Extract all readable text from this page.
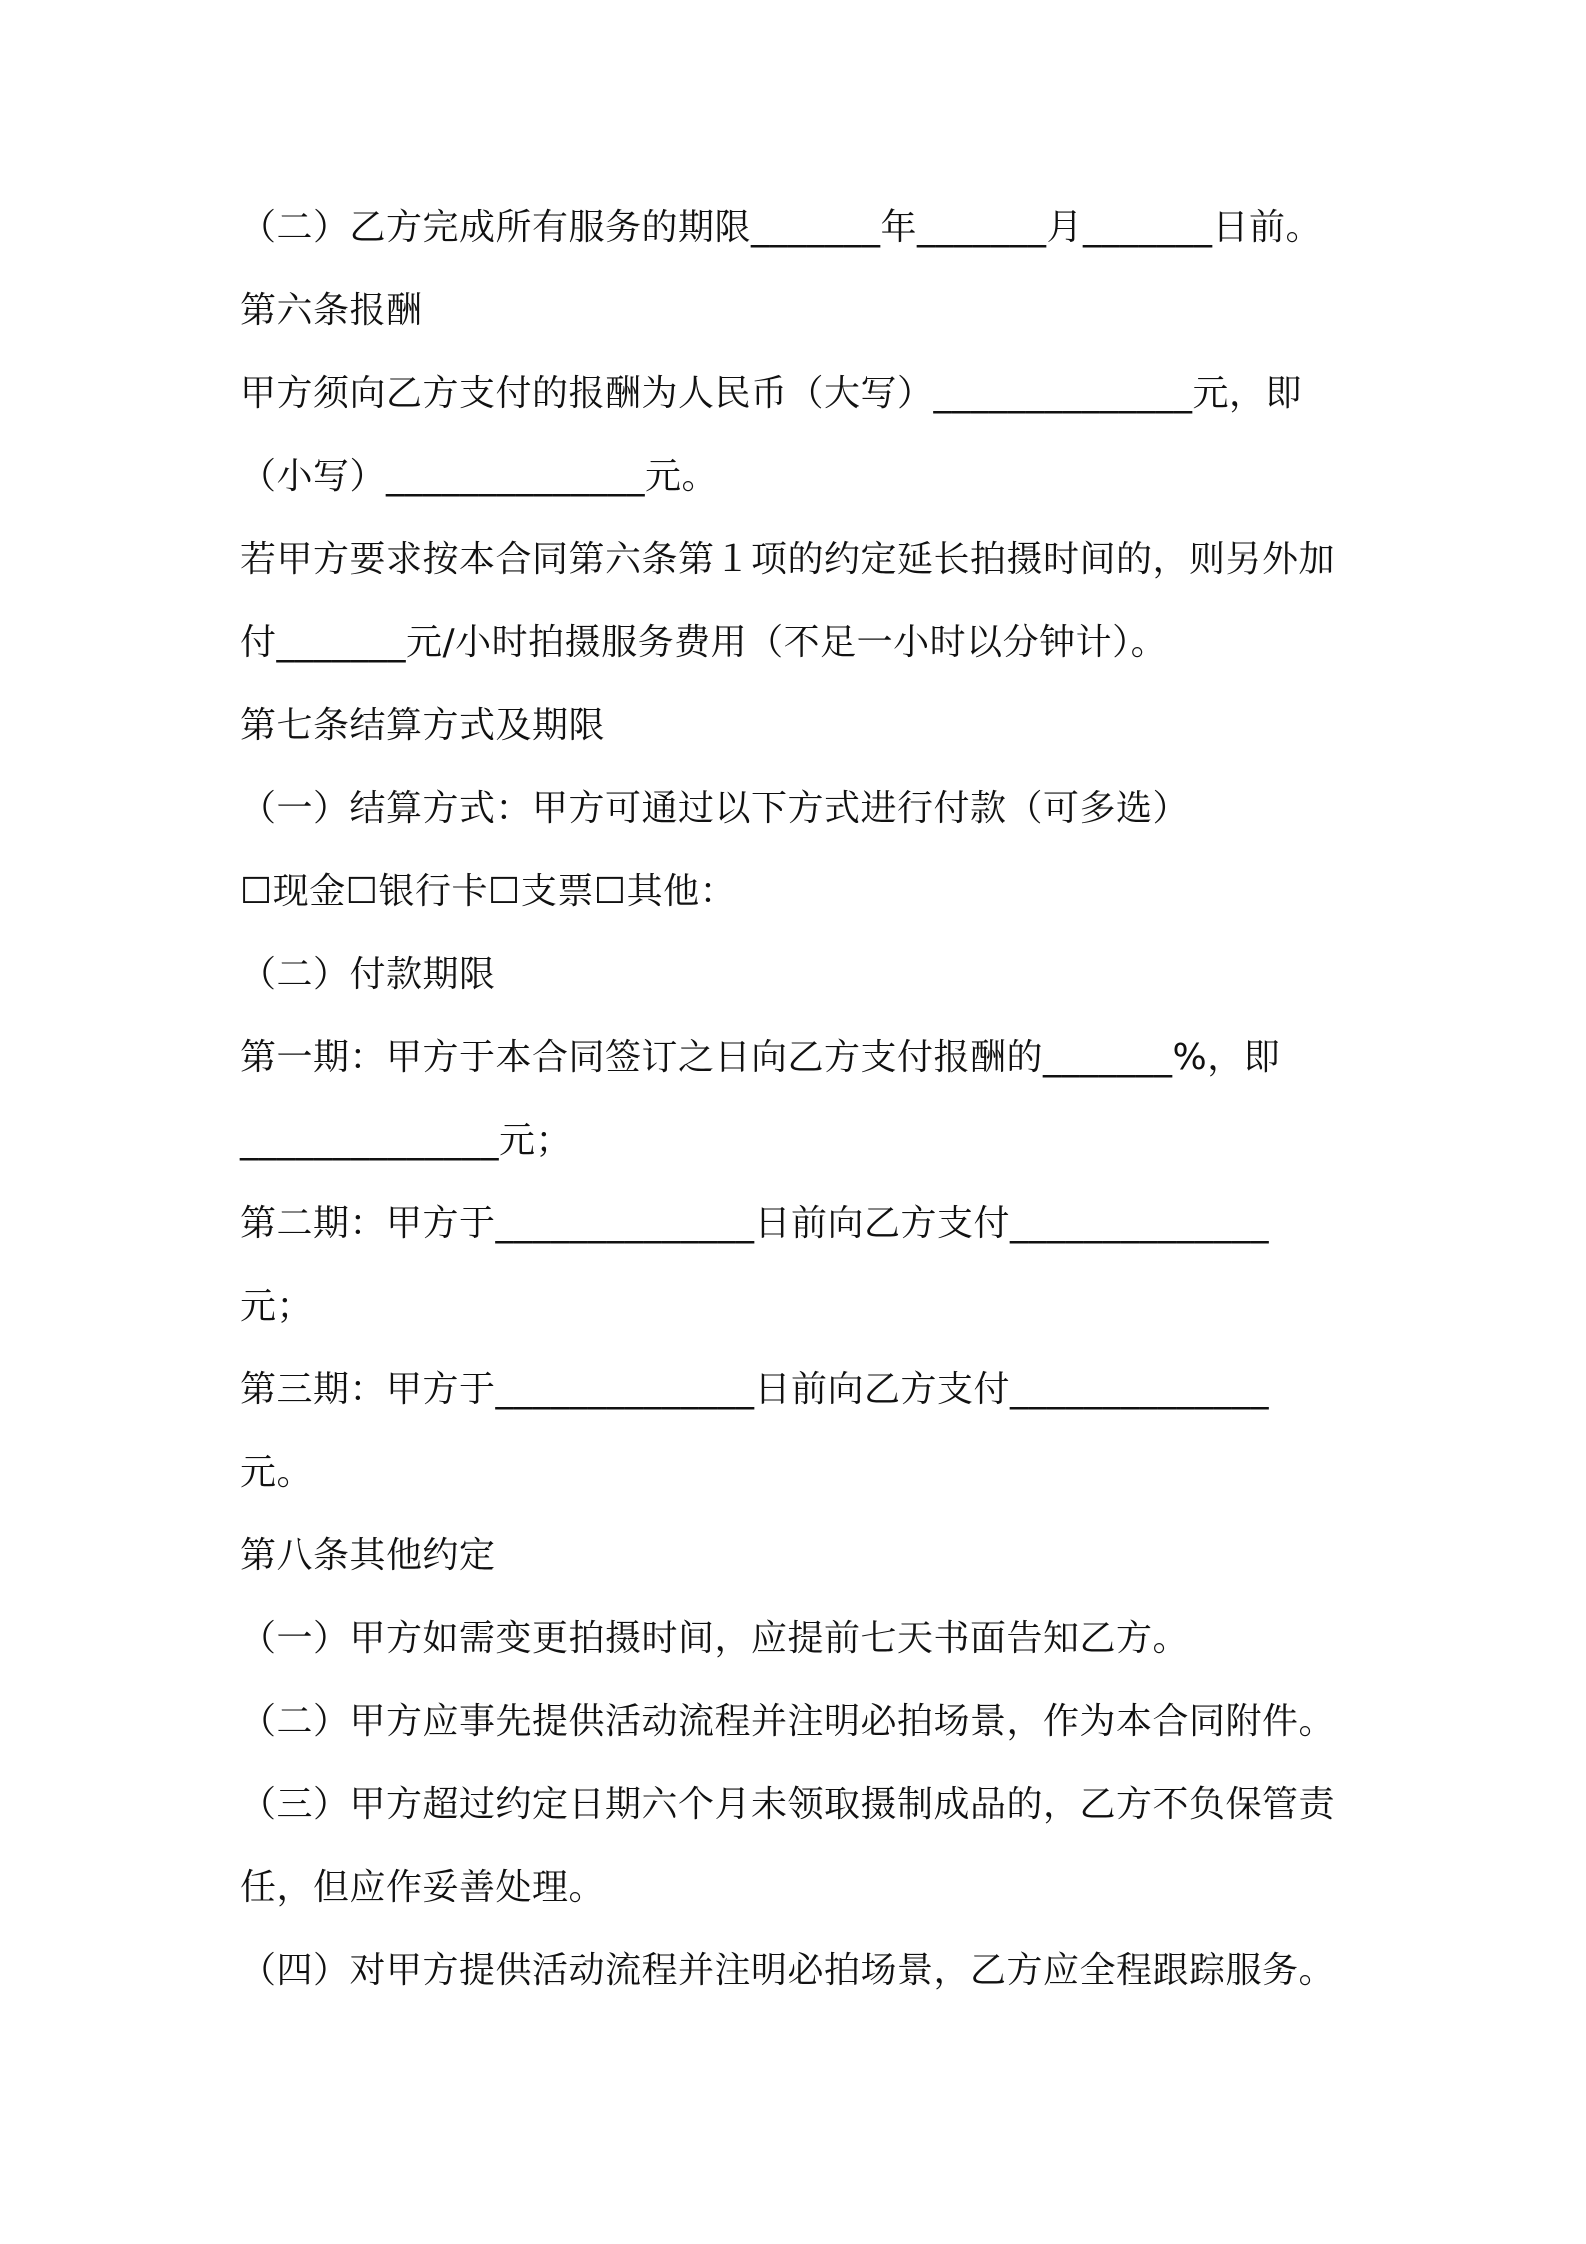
（二）乙方完成所有服务的期限_______年_______月_______日前。
第六条报酬
甲方须向乙方支付的报酬为人民币（大写）______________元，即
（小写）______________元。
若甲方要求按本合同第六条第１项的约定延长拍摄时间的，则另外加
付_______元/小时拍摄服务费用（不足一小时以分钟计）。
第七条结算方式及期限
（一）结算方式：甲方可通过以下方式进行付款（可多选）
☐现金☐银行卡☐支票☐其他：
（二）付款期限
第一期：甲方于本合同签订之日向乙方支付报酬的_______%，即
______________元；
第二期：甲方于______________日前向乙方支付______________
元；
第三期：甲方于______________日前向乙方支付______________
元。
第八条其他约定
（一）甲方如需变更拍摄时间，应提前七天书面告知乙方。
（二）甲方应事先提供活动流程并注明必拍场景，作为本合同附件。
（三）甲方超过约定日期六个月未领取摄制成品的，乙方不负保管责
任，但应作妥善处理。
（四）对甲方提供活动流程并注明必拍场景，乙方应全程跟踪服务。
